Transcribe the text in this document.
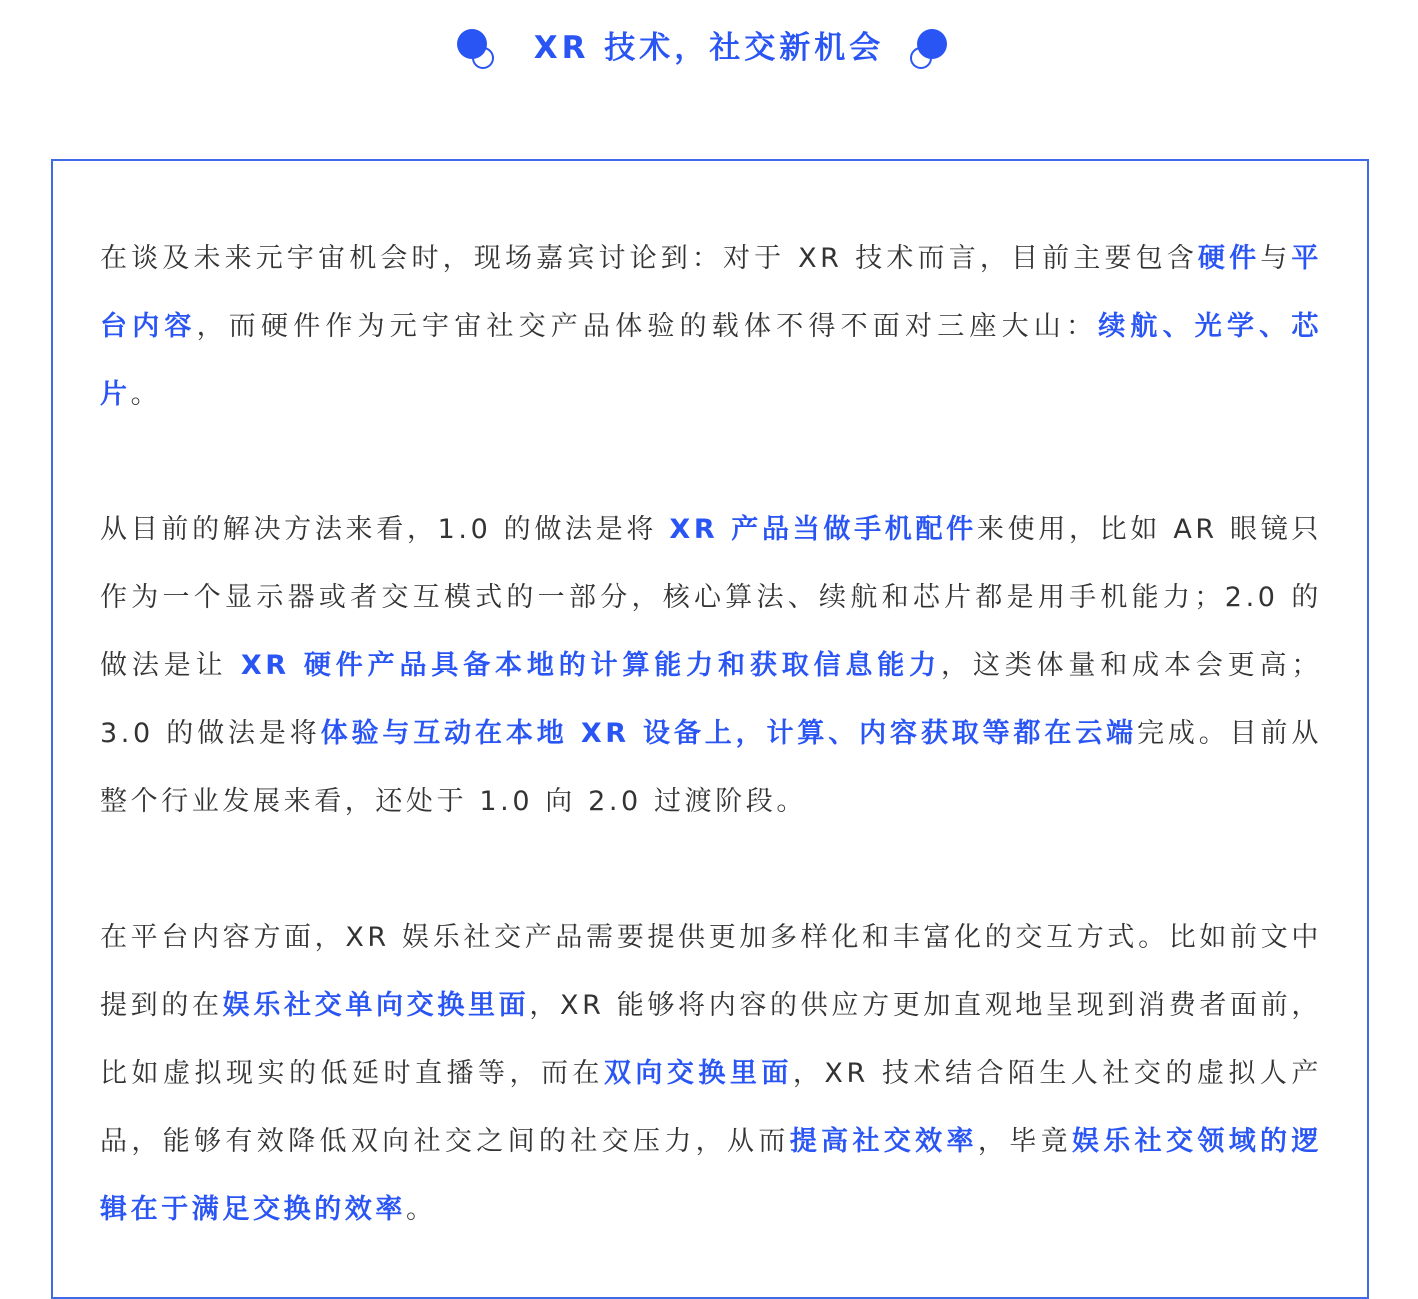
XR 技术，社交新机会

在谈及未来元宇宙机会时，现场嘉宾讨论到：对于 XR 技术而言，目前主要包含硬件与平台内容，而硬件作为元宇宙社交产品体验的载体不得不面对三座大山：续航、光学、芯片。

从目前的解决方法来看，1.0 的做法是将 XR 产品当做手机配件来使用，比如 AR 眼镜只作为一个显示器或者交互模式的一部分，核心算法、续航和芯片都是用手机能力；2.0 的做法是让 XR 硬件产品具备本地的计算能力和获取信息能力，这类体量和成本会更高；3.0 的做法是将体验与互动在本地 XR 设备上，计算、内容获取等都在云端完成。目前从整个行业发展来看，还处于 1.0 向 2.0 过渡阶段。

在平台内容方面，XR 娱乐社交产品需要提供更加多样化和丰富化的交互方式。比如前文中提到的在娱乐社交单向交换里面，XR 能够将内容的供应方更加直观地呈现到消费者面前，比如虚拟现实的低延时直播等，而在双向交换里面，XR 技术结合陌生人社交的虚拟人产品，能够有效降低双向社交之间的社交压力，从而提高社交效率，毕竟娱乐社交领域的逻辑在于满足交换的效率。
